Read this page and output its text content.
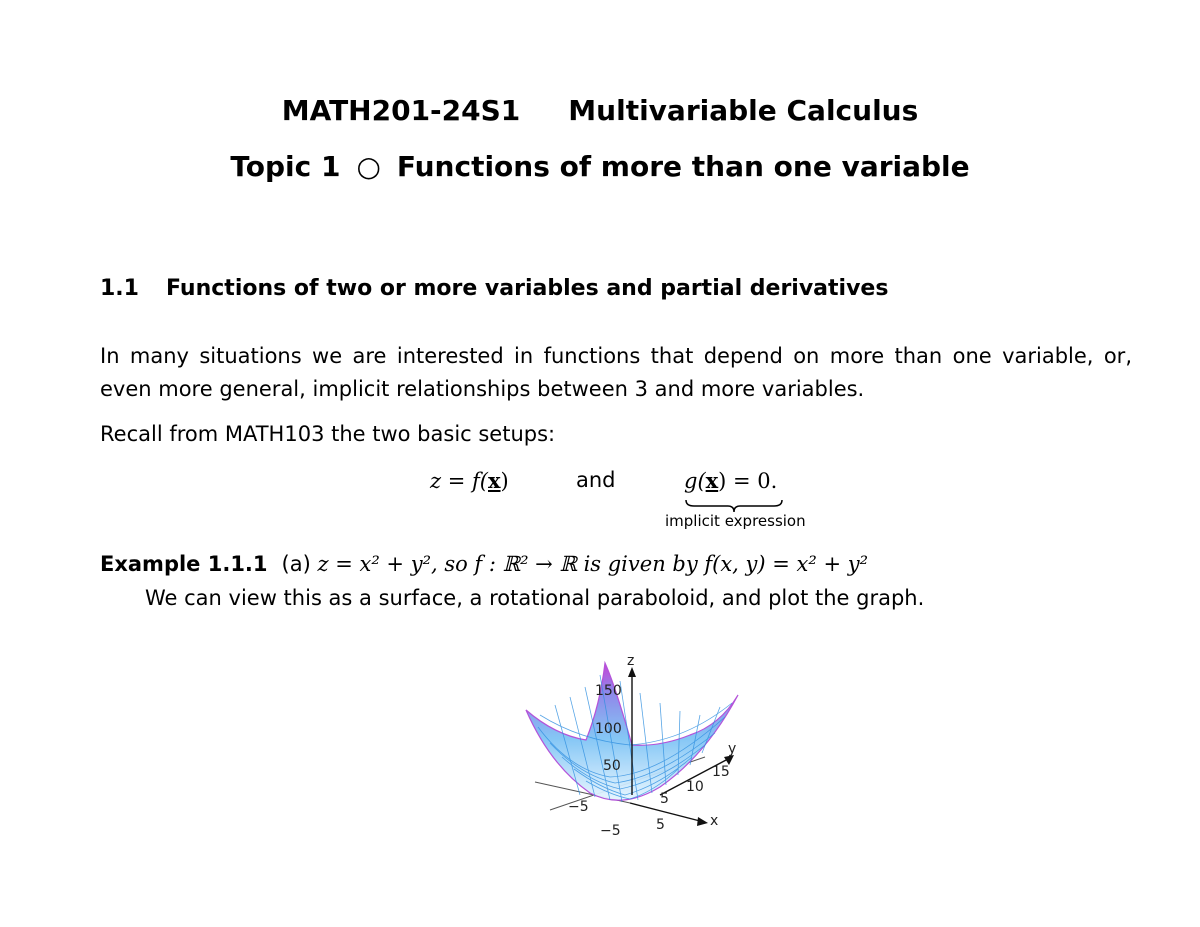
MATH201-24S1 Multivariable Calculus
Topic 1 ○ Functions of more than one variable
1.1 Functions of two or more variables and partial derivatives
In many situations we are interested in functions that depend on more than one variable, or, even more general, implicit relationships between 3 and more variables.
Recall from MATH103 the two basic setups:
z = f(x)	and	g(x) = 0.
implicit expression
Example 1.1.1 (a) z = x² + y², so f : ℝ² → ℝ is given by f(x, y) = x² + y²
We can view this as a surface, a rotational paraboloid, and plot the graph.
z
150
100
50
y
15
10
5
x
−5	5
−5
